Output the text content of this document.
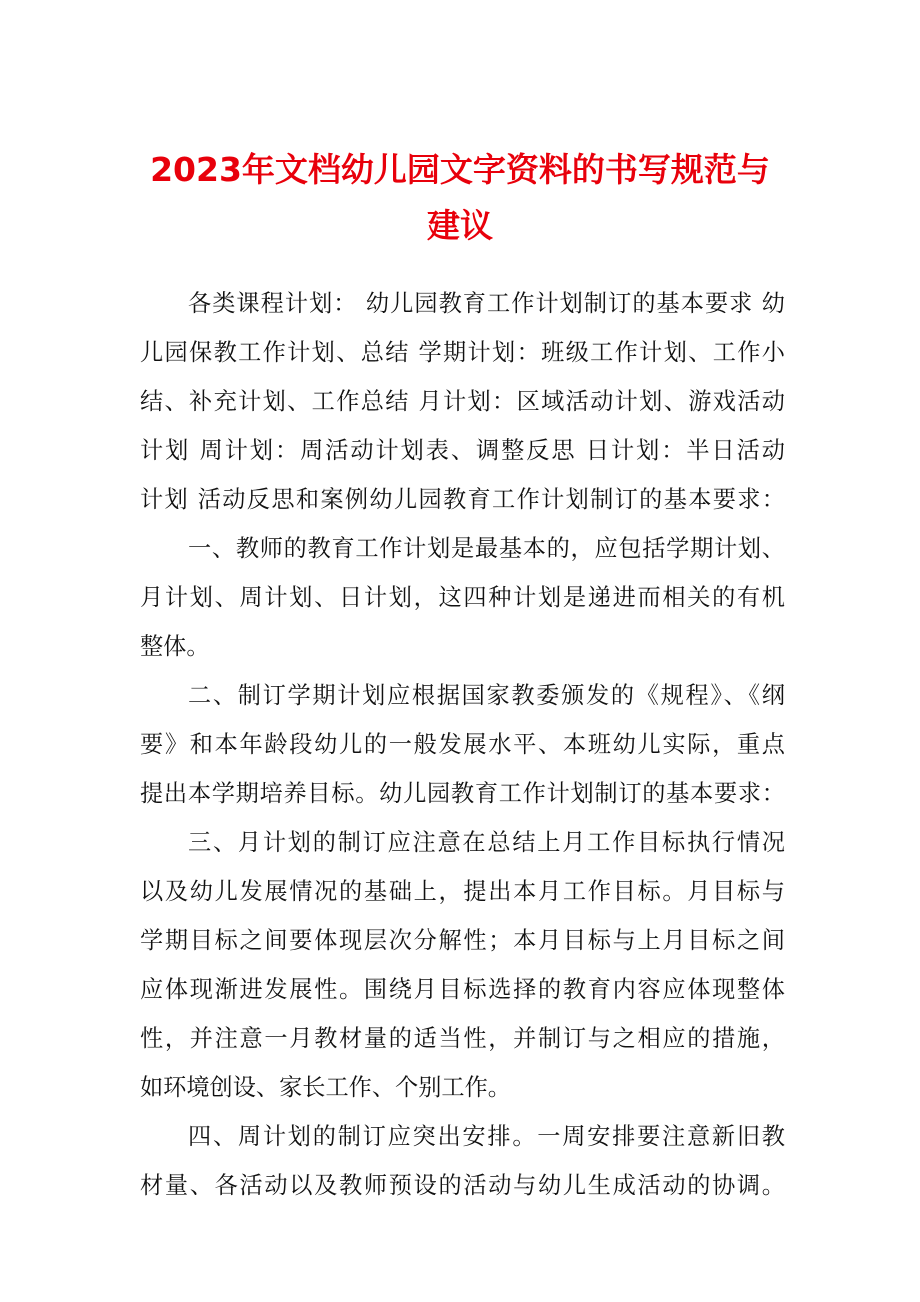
2023年文档幼儿园文字资料的书写规范与
建议

各类课程计划： 幼儿园教育工作计划制订的基本要求 幼

儿园保教工作计划、总结 学期计划：班级工作计划、工作小

结、补充计划、工作总结 月计划：区域活动计划、游戏活动

计划 周计划：周活动计划表、调整反思 日计划：半日活动

计划 活动反思和案例幼儿园教育工作计划制订的基本要求：

一、教师的教育工作计划是最基本的，应包括学期计划、

月计划、周计划、日计划，这四种计划是递进而相关的有机

整体。

二、制订学期计划应根据国家教委颁发的《规程》、《纲

要》和本年龄段幼儿的一般发展水平、本班幼儿实际，重点

提出本学期培养目标。幼儿园教育工作计划制订的基本要求：

三、月计划的制订应注意在总结上月工作目标执行情况

以及幼儿发展情况的基础上，提出本月工作目标。月目标与

学期目标之间要体现层次分解性；本月目标与上月目标之间

应体现渐进发展性。围绕月目标选择的教育内容应体现整体

性，并注意一月教材量的适当性，并制订与之相应的措施，

如环境创设、家长工作、个别工作。

四、周计划的制订应突出安排。一周安排要注意新旧教

材量、各活动以及教师预设的活动与幼儿生成活动的协调。
